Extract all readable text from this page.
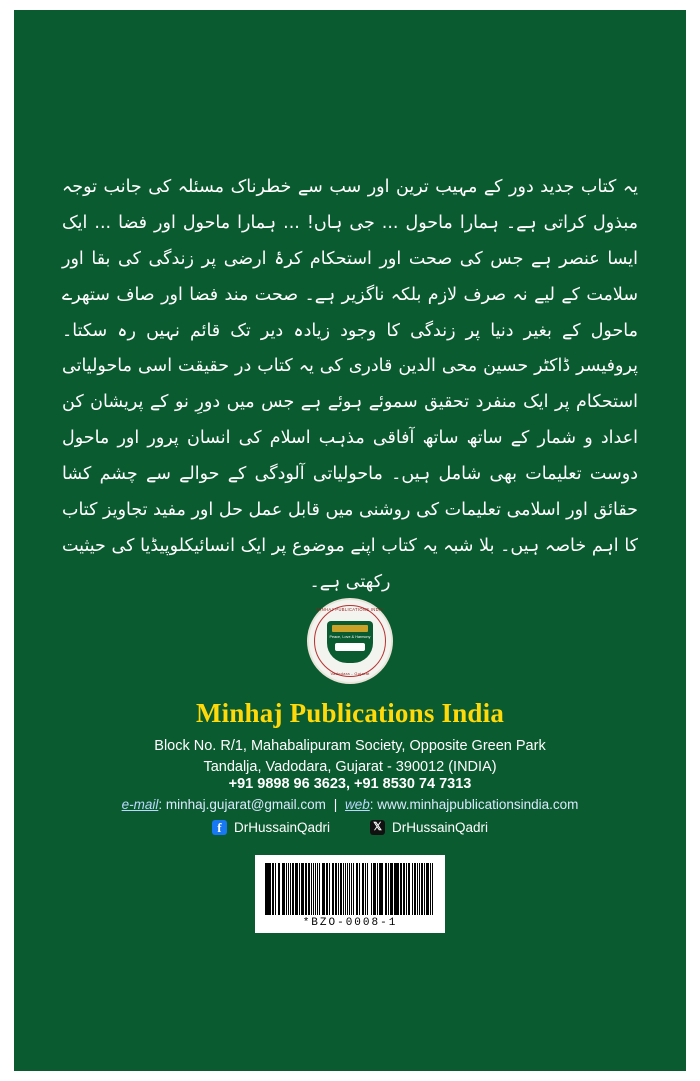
یہ کتاب جدید دور کے مہیب ترین اور سب سے خطرناک مسئلہ کی جانب توجہ مبذول کراتی ہے۔ ہمارا ماحول ... جی ہاں! ... ہمارا ماحول اور فضا ... ایک ایسا عنصر ہے جس کی صحت اور استحکام کرۂ ارضی پر زندگی کی بقا اور سلامت کے لیے نہ صرف لازم بلکہ ناگزیر ہے۔ صحت مند فضا اور صاف ستھرے ماحول کے بغیر دنیا پر زندگی کا وجود زیادہ دیر تک قائم نہیں رہ سکتا۔ پروفیسر ڈاکٹر حسین محی الدین قادری کی یہ کتاب در حقیقت اسی ماحولیاتی استحکام پر ایک منفرد تحقیق سموئے ہوئے ہے جس میں دورِ نو کے پریشان کن اعداد و شمار کے ساتھ ساتھ آفاقی مذہب اسلام کی انسان پرور اور ماحول دوست تعلیمات بھی شامل ہیں۔ ماحولیاتی آلودگی کے حوالے سے چشم کشا حقائق اور اسلامی تعلیمات کی روشنی میں قابل عمل حل اور مفید تجاویز کتاب کا اہم خاصہ ہیں۔ بلا شبہ یہ کتاب اپنے موضوع پر ایک انسائیکلوپیڈیا کی حیثیت رکھتی ہے۔
MINHAJ PUBLICATIONS INDIA
Peace, Love & Harmony
Vadodara - Gujarat
Minhaj Publications India
Block No. R/1, Mahabalipuram Society, Opposite Green Park
Tandalja, Vadodara, Gujarat - 390012 (INDIA)
+91 9898 96 3623, +91 8530 74 7313
e-mail: minhaj.gujarat@gmail.com | web: www.minhajpublicationsindia.com
f DrHussainQadri	𝕏 DrHussainQadri
*BZO-0008-1
